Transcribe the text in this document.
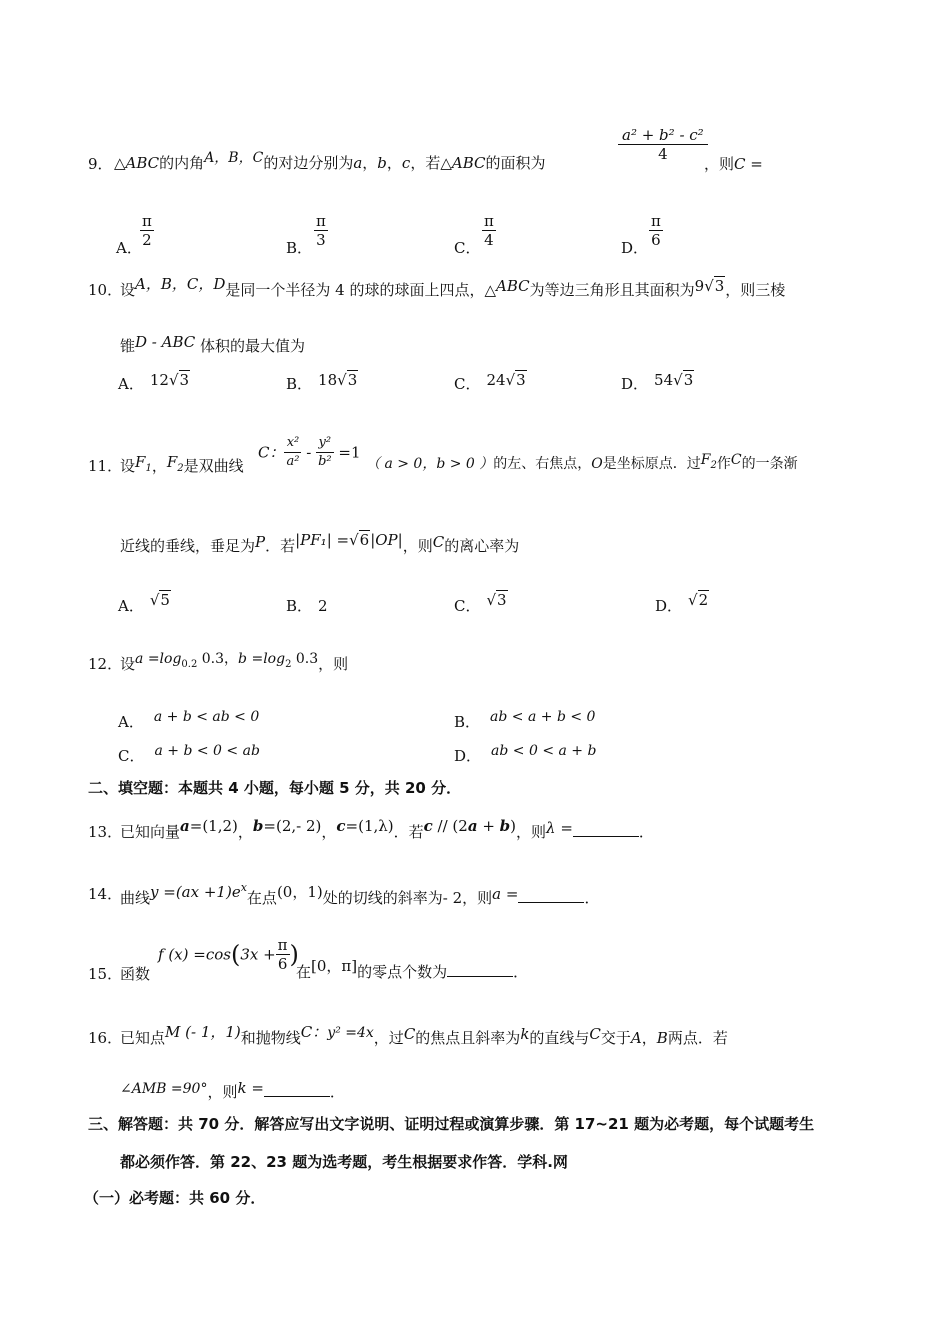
9． △ABC的内角A，B，C的对边分别为a，b，c，若△ABC的面积为	$\frac{\text{a² + b² - c²}}{4}$
，则C =
A．
$\frac{\pi}{2}$	B． $\frac{\pi}{3}$	C． $\frac{\pi}{4}$	D． $\frac{\pi}{6}$
10．
设A，B，C，D是同一个半径为 4 的球的球面上四点，△ABC为等边三角形且其面积为9√3，则三棱
锥D - ABC 体积的最大值为
A． 12√3	B． 18√3	C． 24√3	D． 54√3
11．
设$F_1$，$F_2$是双曲线
C： $\frac{\text{x²}}{\text{a²}} - \frac{\text{y²}}{\text{b²}} =1$
（ a > 0，b > 0 ）的左、右焦点，O是坐标原点．过$F_2$作C的一条渐
近线的垂线，垂足为P．若|PF₁| =√6|OP|，则C的离心率为
A． √5	B． 2	C． √3	D． √2
12．
设$a =\log_{0.2}$ 0.3，$b =\log_2$ 0.3，则
A． a + b < ab < 0	B． ab < a + b < 0
C． a + b < 0 < ab	D． ab < 0 < a + b
二、填空题：本题共 4 小题，每小题 5 分，共 20 分．
13．
已知向量a=(1,2)，b=(2,- 2)，c=(1,λ)．若c // (2a + b)，则λ =	．
14．
曲线$y =(ax +1)e^x$在点(0，1)处的切线的斜率为- 2，则a =	．
15．
函数
f $(x) =\cos(3x + \frac{\pi}{6}$ )
在[0，π]的零点个数为	．
16．
已知点M (- 1，1)和抛物线C：y² =4x，过C的焦点且斜率为k的直线与C交于A，B两点．若
∠AMB =90°，则k =	．
三、解答题：共 70 分．解答应写出文字说明、证明过程或演算步骤．第 17~21 题为必考题，每个试题考生
都必须作答．第 22、23 题为选考题，考生根据要求作答．学科.网
（一）必考题：共 60 分．
